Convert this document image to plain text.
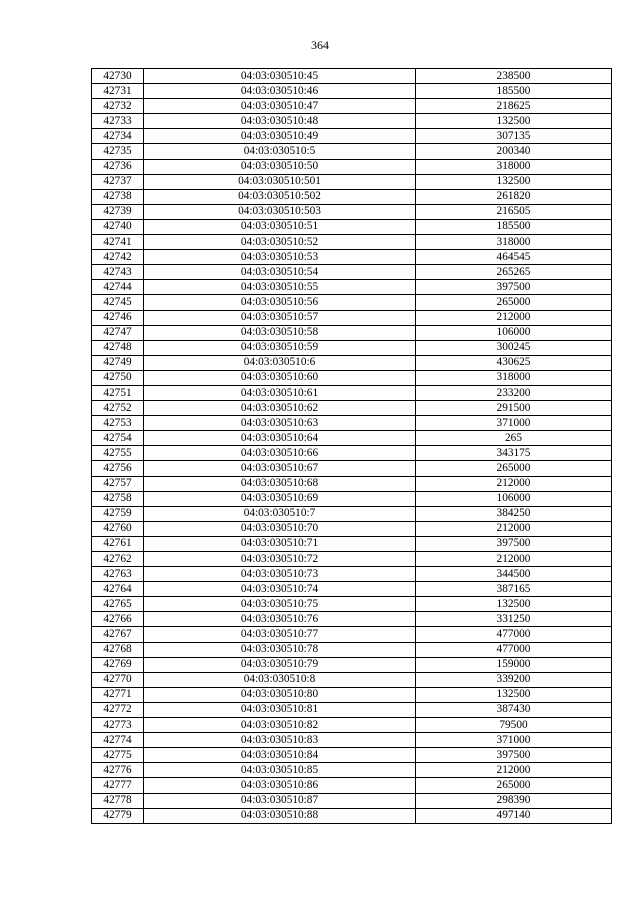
364
42730	04:03:030510:45	238500
42731	04:03:030510:46	185500
42732	04:03:030510:47	218625
42733	04:03:030510:48	132500
42734	04:03:030510:49	307135
42735	04:03:030510:5	200340
42736	04:03:030510:50	318000
42737	04:03:030510:501	132500
42738	04:03:030510:502	261820
42739	04:03:030510:503	216505
42740	04:03:030510:51	185500
42741	04:03:030510:52	318000
42742	04:03:030510:53	464545
42743	04:03:030510:54	265265
42744	04:03:030510:55	397500
42745	04:03:030510:56	265000
42746	04:03:030510:57	212000
42747	04:03:030510:58	106000
42748	04:03:030510:59	300245
42749	04:03:030510:6	430625
42750	04:03:030510:60	318000
42751	04:03:030510:61	233200
42752	04:03:030510:62	291500
42753	04:03:030510:63	371000
42754	04:03:030510:64	265
42755	04:03:030510:66	343175
42756	04:03:030510:67	265000
42757	04:03:030510:68	212000
42758	04:03:030510:69	106000
42759	04:03:030510:7	384250
42760	04:03:030510:70	212000
42761	04:03:030510:71	397500
42762	04:03:030510:72	212000
42763	04:03:030510:73	344500
42764	04:03:030510:74	387165
42765	04:03:030510:75	132500
42766	04:03:030510:76	331250
42767	04:03:030510:77	477000
42768	04:03:030510:78	477000
42769	04:03:030510:79	159000
42770	04:03:030510:8	339200
42771	04:03:030510:80	132500
42772	04:03:030510:81	387430
42773	04:03:030510:82	79500
42774	04:03:030510:83	371000
42775	04:03:030510:84	397500
42776	04:03:030510:85	212000
42777	04:03:030510:86	265000
42778	04:03:030510:87	298390
42779	04:03:030510:88	497140
